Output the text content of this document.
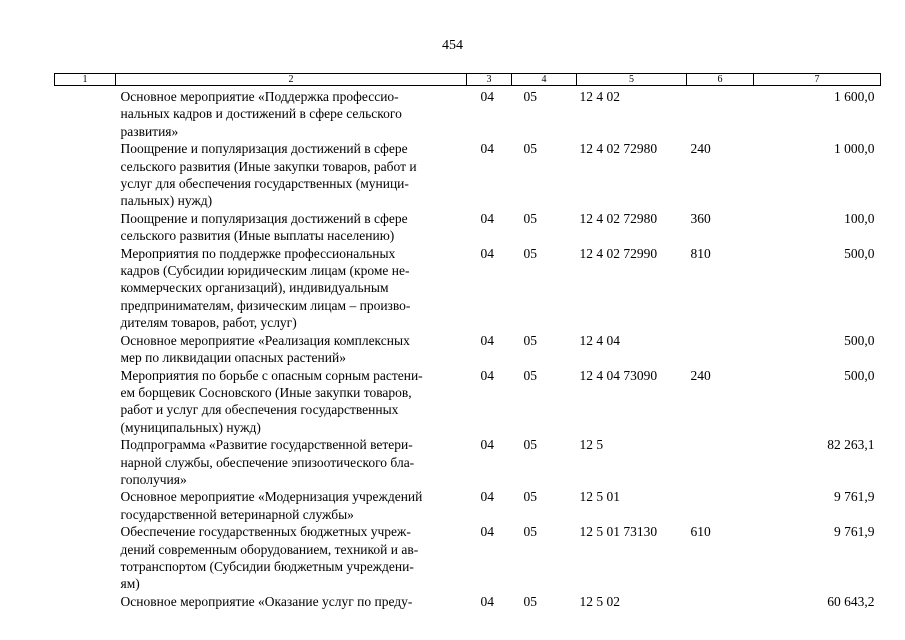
454
1	2	3	4	5	6	7
	Основное мероприятие «Поддержка профессио-
нальных кадров и достижений в сфере сельского
развития»	04	05	12 4 02		1 600,0
	Поощрение и популяризация достижений в сфере
сельского развития (Иные закупки товаров, работ и
услуг для обеспечения государственных (муници-
пальных) нужд)	04	05	12 4 02 72980	240	1 000,0
	Поощрение и популяризация достижений в сфере
сельского развития (Иные выплаты населению)	04	05	12 4 02 72980	360	100,0
	Мероприятия по поддержке профессиональных
кадров (Субсидии юридическим лицам (кроме не-
коммерческих организаций), индивидуальным
предпринимателям, физическим лицам – произво-
дителям товаров, работ, услуг)	04	05	12 4 02 72990	810	500,0
	Основное мероприятие «Реализация комплексных
мер по ликвидации опасных растений»	04	05	12 4 04		500,0
	Мероприятия по борьбе с опасным сорным растени-
ем борщевик Сосновского (Иные закупки товаров,
работ и услуг для обеспечения государственных
(муниципальных) нужд)	04	05	12 4 04 73090	240	500,0
	Подпрограмма «Развитие государственной ветери-
нарной службы, обеспечение эпизоотического бла-
гополучия»	04	05	12 5		82 263,1
	Основное мероприятие «Модернизация учреждений
государственной ветеринарной службы»	04	05	12 5 01		9 761,9
	Обеспечение государственных бюджетных учреж-
дений современным оборудованием, техникой и ав-
тотранспортом (Субсидии бюджетным учреждени-
ям)	04	05	12 5 01 73130	610	9 761,9
	Основное мероприятие «Оказание услуг по преду-	04	05	12 5 02		60 643,2
